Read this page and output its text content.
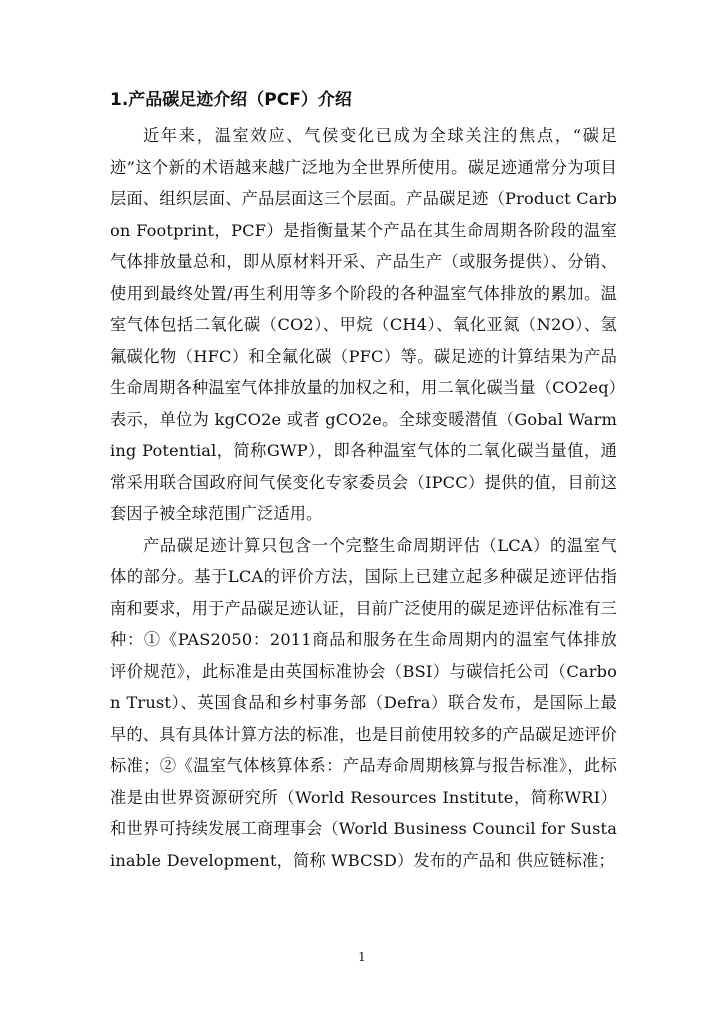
1.产品碳足迹介绍（PCF）介绍

近年来，温室效应、气侯变化已成为全球关注的焦点，“碳足迹”这个新的术语越来越广泛地为全世界所使用。碳足迹通常分为项目层面、组织层面、产品层面这三个层面。产品碳足迹（Product Carbon Footprint，PCF）是指衡量某个产品在其生命周期各阶段的温室气体排放量总和，即从原材料开采、产品生产（或服务提供）、分销、使用到最终处置/再生利用等多个阶段的各种温室气体排放的累加。温室气体包括二氧化碳（CO2）、甲烷（CH4）、氧化亚氮（N2O）、氢氟碳化物（HFC）和全氟化碳（PFC）等。碳足迹的计算结果为产品生命周期各种温室气体排放量的加权之和，用二氧化碳当量（CO2eq）表示，单位为 kgCO2e 或者 gCO2e。全球变暖潜值（Gobal Warming Potential，简称GWP），即各种温室气体的二氧化碳当量值，通常采用联合国政府间气侯变化专家委员会（IPCC）提供的值，目前这套因子被全球范围广泛适用。

产品碳足迹计算只包含一个完整生命周期评估（LCA）的温室气体的部分。基于LCA的评价方法，国际上已建立起多种碳足迹评估指南和要求，用于产品碳足迹认证，目前广泛使用的碳足迹评估标准有三种：①《PAS2050：2011商品和服务在生命周期内的温室气体排放评价规范》，此标准是由英国标准协会（BSI）与碳信托公司（Carbon Trust）、英国食品和乡村事务部（Defra）联合发布，是国际上最早的、具有具体计算方法的标准，也是目前使用较多的产品碳足迹评价标准；②《温室气体核算体系：产品寿命周期核算与报告标准》，此标准是由世界资源研究所（World Resources Institute，简称WRI）和世界可持续发展工商理事会（World Business Council for Sustainable Development，简称 WBCSD）发布的产品和 供应链标准；

1
